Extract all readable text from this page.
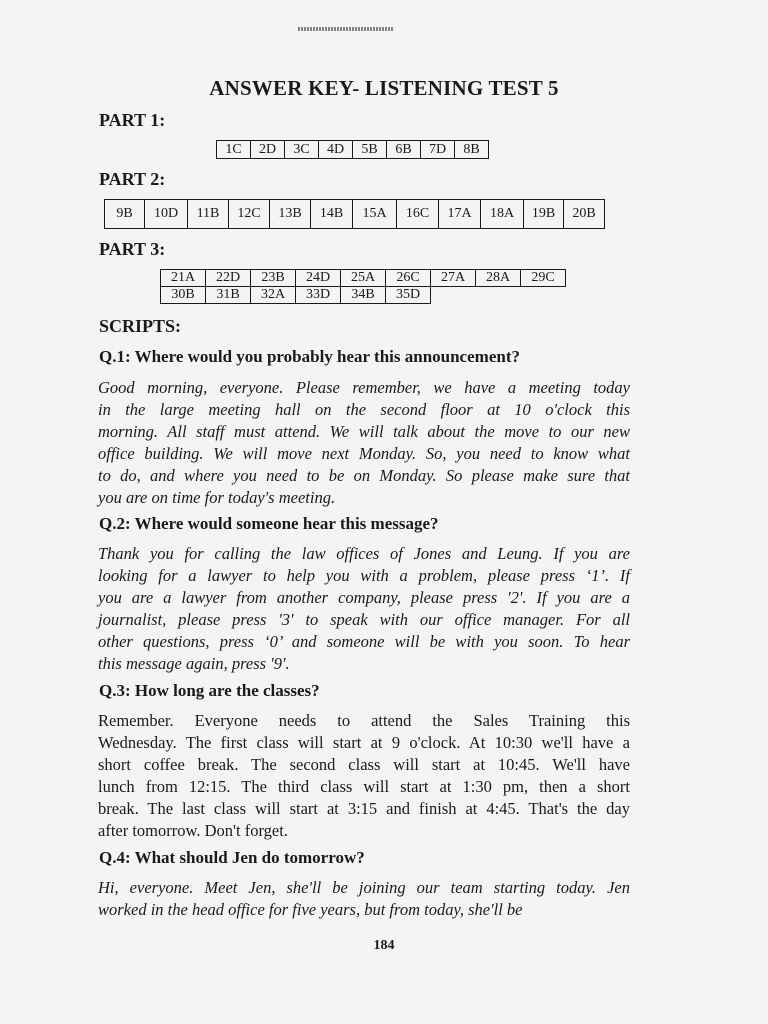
ANSWER KEY- LISTENING TEST 5
PART 1:
1C	2D	3C	4D	5B	6B	7D	8B
PART 2:
9B	10D	11B	12C	13B	14B	15A	16C	17A	18A	19B	20B
PART 3:
21A	22D	23B	24D	25A	26C	27A	28A	29C
30B	31B	32A	33D	34B	35D			
SCRIPTS:
Q.1: Where would you probably hear this announcement?
Good morning, everyone. Please remember, we have a meeting today
in the large meeting hall on the second floor at 10 o'clock this
morning. All staff must attend. We will talk about the move to our new
office building. We will move next Monday. So, you need to know what
to do, and where you need to be on Monday. So please make sure that
you are on time for today's meeting.
Q.2: Where would someone hear this message?
Thank you for calling the law offices of Jones and Leung. If you are
looking for a lawyer to help you with a problem, please press ‘1’. If
you are a lawyer from another company, please press '2'. If you are a
journalist, please press '3' to speak with our office manager. For all
other questions, press ‘0’ and someone will be with you soon. To hear
this message again, press '9'.
Q.3: How long are the classes?
Remember. Everyone needs to attend the Sales Training this
Wednesday. The first class will start at 9 o'clock. At 10:30 we'll have a
short coffee break. The second class will start at 10:45. We'll have
lunch from 12:15. The third class will start at 1:30 pm, then a short
break. The last class will start at 3:15 and finish at 4:45. That's the day
after tomorrow. Don't forget.
Q.4: What should Jen do tomorrow?
Hi, everyone. Meet Jen, she'll be joining our team starting today. Jen
worked in the head office for five years, but from today, she'll be
184
